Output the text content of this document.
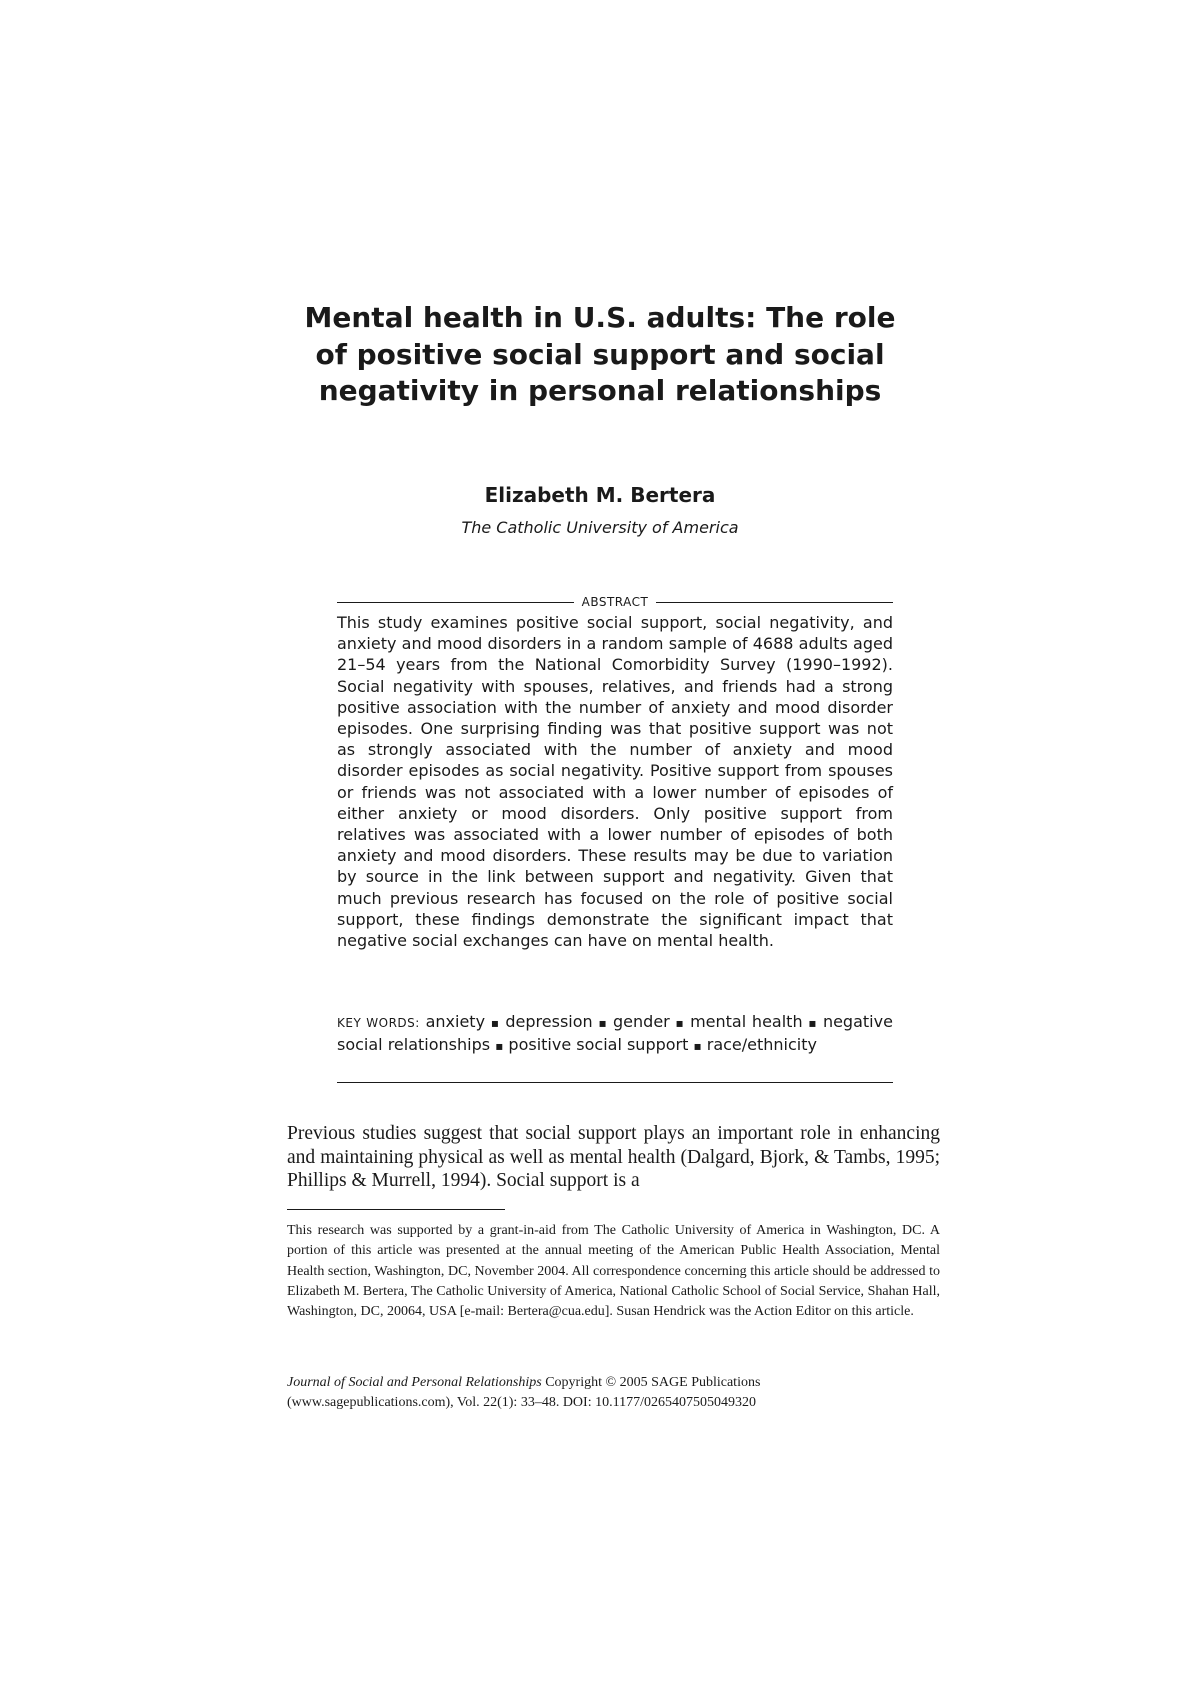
Mental health in U.S. adults: The role of positive social support and social negativity in personal relationships
Elizabeth M. Bertera
The Catholic University of America
ABSTRACT

This study examines positive social support, social negativity, and anxiety and mood disorders in a random sample of 4688 adults aged 21–54 years from the National Comorbidity Survey (1990–1992). Social negativity with spouses, relatives, and friends had a strong positive association with the number of anxiety and mood disorder episodes. One surprising finding was that positive support was not as strongly associated with the number of anxiety and mood disorder episodes as social negativity. Positive support from spouses or friends was not associated with a lower number of episodes of either anxiety or mood disorders. Only positive support from relatives was associated with a lower number of episodes of both anxiety and mood disorders. These results may be due to variation by source in the link between support and negativity. Given that much previous research has focused on the role of positive social support, these findings demonstrate the significant impact that negative social exchanges can have on mental health.

KEY WORDS: anxiety ▪ depression ▪ gender ▪ mental health ▪ negative social relationships ▪ positive social support ▪ race/ethnicity

Previous studies suggest that social support plays an important role in enhancing and maintaining physical as well as mental health (Dalgard, Bjork, & Tambs, 1995; Phillips & Murrell, 1994). Social support is a

This research was supported by a grant-in-aid from The Catholic University of America in Washington, DC. A portion of this article was presented at the annual meeting of the American Public Health Association, Mental Health section, Washington, DC, November 2004. All correspondence concerning this article should be addressed to Elizabeth M. Bertera, The Catholic University of America, National Catholic School of Social Service, Shahan Hall, Washington, DC, 20064, USA [e-mail: Bertera@cua.edu]. Susan Hendrick was the Action Editor on this article.

Journal of Social and Personal Relationships Copyright © 2005 SAGE Publications
(www.sagepublications.com), Vol. 22(1): 33–48. DOI: 10.1177/0265407505049320
